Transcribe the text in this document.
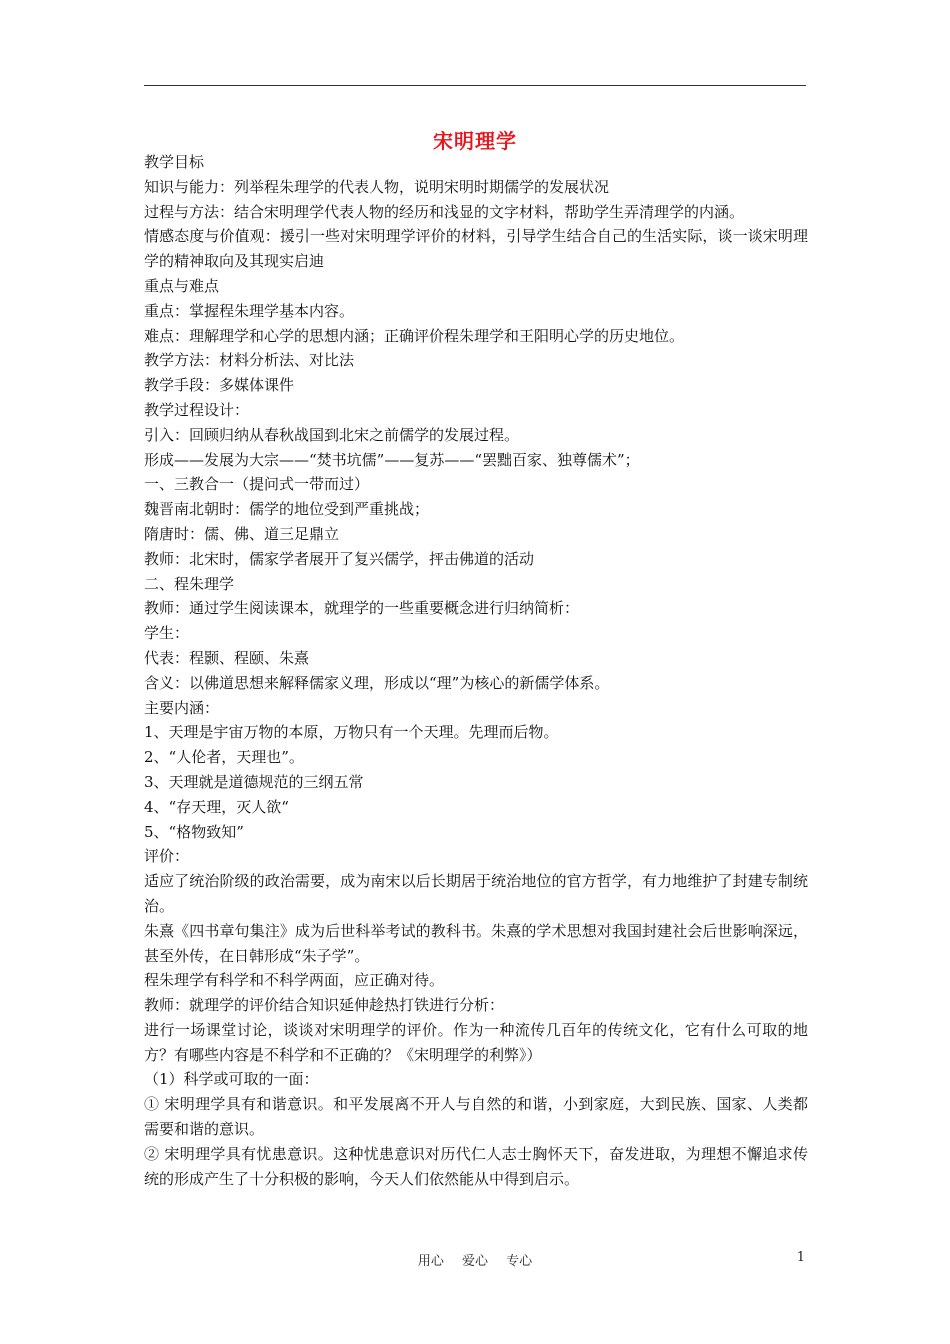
宋明理学

教学目标

知识与能力：列举程朱理学的代表人物，说明宋明时期儒学的发展状况

过程与方法：结合宋明理学代表人物的经历和浅显的文字材料，帮助学生弄清理学的内涵。

情感态度与价值观：援引一些对宋明理学评价的材料，引导学生结合自己的生活实际，谈一谈宋明理学的精神取向及其现实启迪

重点与难点

重点：掌握程朱理学基本内容。

难点：理解理学和心学的思想内涵；正确评价程朱理学和王阳明心学的历史地位。

教学方法：材料分析法、对比法

教学手段：多媒体课件

教学过程设计：

引入：回顾归纳从春秋战国到北宋之前儒学的发展过程。

形成——发展为大宗——“焚书坑儒”——复苏——“罢黜百家、独尊儒术”；

一、三教合一（提问式一带而过）

魏晋南北朝时：儒学的地位受到严重挑战；

隋唐时：儒、佛、道三足鼎立

教师：北宋时，儒家学者展开了复兴儒学，抨击佛道的活动

二、程朱理学

教师：通过学生阅读课本，就理学的一些重要概念进行归纳简析：

学生：

代表：程颢、程颐、朱熹

含义：以佛道思想来解释儒家义理，形成以“理”为核心的新儒学体系。

主要内涵：

1、天理是宇宙万物的本原，万物只有一个天理。先理而后物。

2、“人伦者，天理也”。

3、天理就是道德规范的三纲五常

4、“存天理，灭人欲“

5、“格物致知”

评价：

适应了统治阶级的政治需要，成为南宋以后长期居于统治地位的官方哲学，有力地维护了封建专制统治。

朱熹《四书章句集注》成为后世科举考试的教科书。朱熹的学术思想对我国封建社会后世影响深远，甚至外传，在日韩形成“朱子学”。

程朱理学有科学和不科学两面，应正确对待。

教师：就理学的评价结合知识延伸趁热打铁进行分析：

进行一场课堂讨论，谈谈对宋明理学的评价。作为一种流传几百年的传统文化，它有什么可取的地方？有哪些内容是不科学和不正确的？《宋明理学的利弊》）

（1）科学或可取的一面：

① 宋明理学具有和谐意识。和平发展离不开人与自然的和谐，小到家庭，大到民族、国家、人类都需要和谐的意识。

② 宋明理学具有忧患意识。这种忧患意识对历代仁人志士胸怀天下，奋发进取，为理想不懈追求传统的形成产生了十分积极的影响，今天人们依然能从中得到启示。

用心 爱心 专心	1
